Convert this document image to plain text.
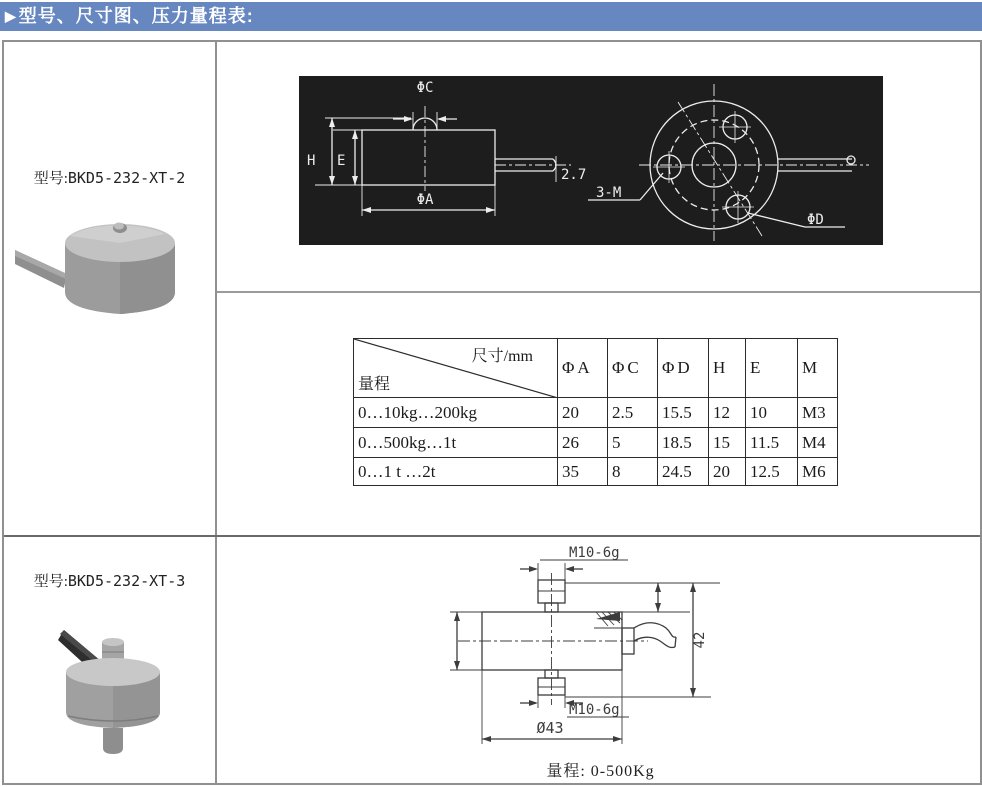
▶ 型号、尺寸图、压力量程表:
型号:BKD5-232-XT-2
ΦC
H E
ΦA
2.7
3-M
ΦD
尺寸/mm
量程	ΦA	ΦC	ΦD	H	E	M
0…10kg…200kg	20	2.5	15.5	12	10	M3
0…500kg…1t	26	5	18.5	15	11.5	M4
0…1 t …2t	35	8	24.5	20	12.5	M6
型号:BKD5-232-XT-3
M10-6g
M10-6g
42
Ø43
量程: 0-500Kg
